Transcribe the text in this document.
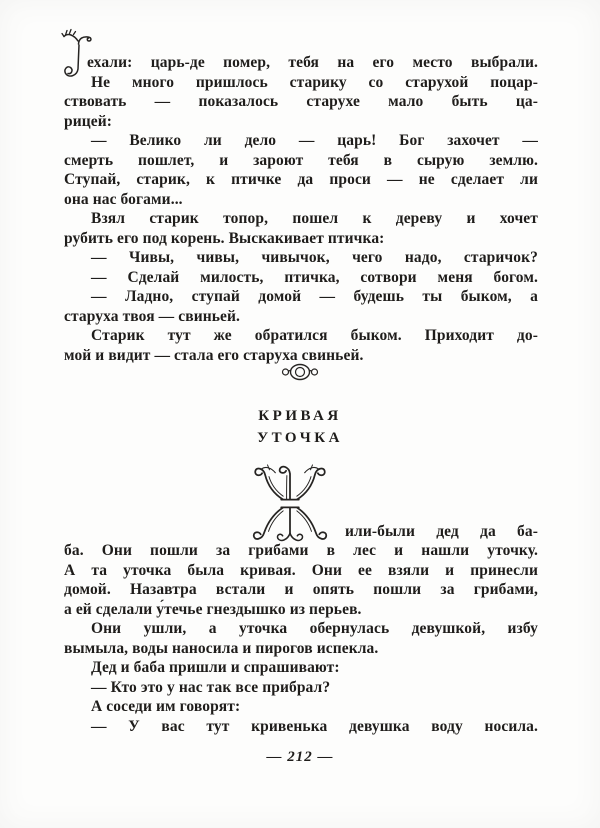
ехали: царь-де помер, тебя на его место выбрали.
Не много пришлось старику со старухой поцар-
ствовать — показалось старухе мало быть ца-
рицей:
— Велико ли дело — царь! Бог захочет —
смерть пошлет, и зароют тебя в сырую землю.
Ступай, старик, к птичке да проси — не сделает ли
она нас богами...
Взял старик топор, пошел к дереву и хочет
рубить его под корень. Выскакивает птичка:
— Чивы, чивы, чивычок, чего надо, старичок?
— Сделай милость, птичка, сотвори меня богом.
— Ладно, ступай домой — будешь ты быком, а
старуха твоя — свиньей.
Старик тут же обратился быком. Приходит до-
мой и видит — стала его старуха свиньей.
КРИВАЯ
УТОЧКА
или-были дед да ба-
ба. Они пошли за грибами в лес и нашли уточку.
А та уточка была кривая. Они ее взяли и принесли
домой. Назавтра встали и опять пошли за грибами,
а ей сделали у́течье гнездышко из перьев.
Они ушли, а уточка обернулась девушкой, избу
вымыла, воды наносила и пирогов испекла.
Дед и баба пришли и спрашивают:
— Кто это у нас так все прибрал?
А соседи им говорят:
— У вас тут кривенька девушка воду носила.
— 212 —
